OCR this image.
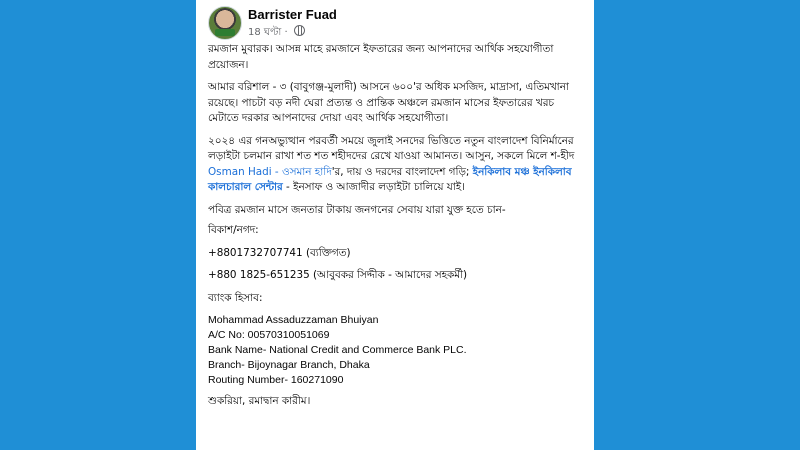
Barrister Fuad
18 ঘণ্টা ·

রমজান মুবারক। আসন্ন মাহে রমজানে ইফতারের জন্য আপনাদের আর্থিক সহযোগীতা প্রয়োজন।

আমার বরিশাল - ৩ (বাবুগঞ্জ-মুলাদী) আসনে ৬০০'র অধিক মসজিদ, মাদ্রাসা, এতিমখানা রয়েছে। পাচটা বড় নদী ঘেরা প্রত্যন্ত ও প্রান্তিক অঞ্চলে রমজান মাসের ইফতারের খরচ মেটাতে দরকার আপনাদের দোয়া এবং আর্থিক সহযোগীতা।

২০২৪ এর গনঅভ্যুত্থান পরবর্তী সময়ে জুলাই সনদের ভিত্তিতে নতুন বাংলাদেশ বিনির্মানের লড়াইটা চলমান রাখা শত শত শহীদদের রেখে যাওয়া আমানত। আসুন, সকলে মিলে শ-হীদ Osman Hadi - ওসমান হাদি'র, দায় ও দরদের বাংলাদেশ গড়ি; ইনকিলাব মঞ্চ ইনকিলাব কালচারাল সেন্টার - ইনসাফ ও আজাদীর লড়াইটা চালিয়ে যাই।

পবিত্র রমজান মাসে জনতার টাকায় জনগনের সেবায় যারা যুক্ত হতে চান-

বিকাশ/নগদ:

+8801732707741 (ব্যক্তিগত)

+880 1825-651235 (আবুবকর সিদ্দীক - আমাদের সহকর্মী)

ব্যাংক হিসাব:

Mohammad Assaduzzaman Bhuiyan

A/C No: 00570310051069

Bank Name- National Credit and Commerce Bank PLC.

Branch- Bijoynagar Branch, Dhaka

Routing Number- 160271090

শুকরিয়া, রমাদ্বান কারীম।
